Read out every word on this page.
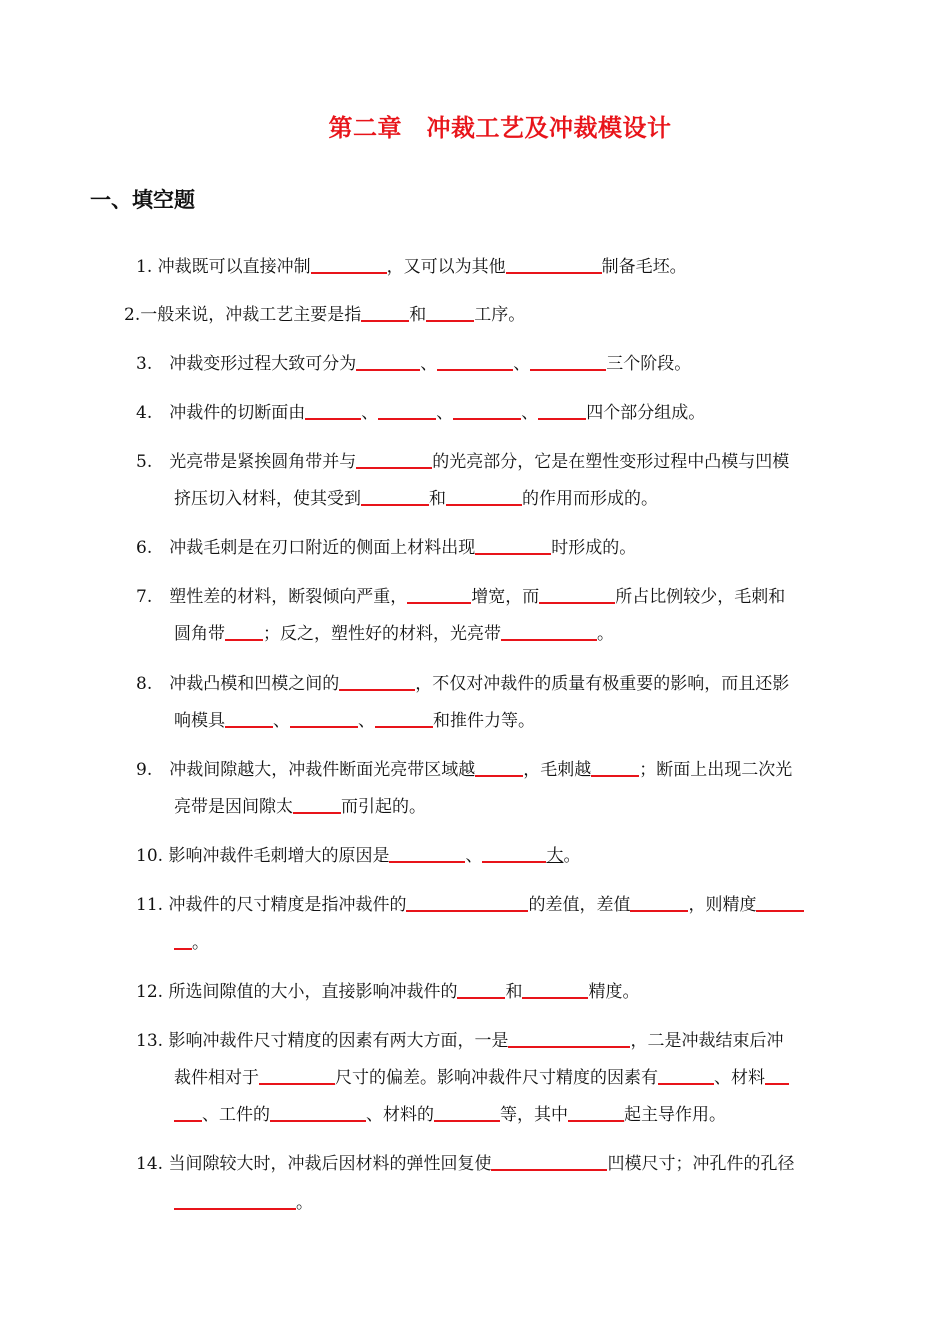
第二章　冲裁工艺及冲裁模设计
一、填空题
1. 冲裁既可以直接冲制	，又可以为其他	制备毛坯。
2.一般来说，冲裁工艺主要是指	和	工序。
3.　冲裁变形过程大致可分为	、	、	三个阶段。
4.　冲裁件的切断面由	、	、	、	四个部分组成。
5.　光亮带是紧挨圆角带并与	的光亮部分，它是在塑性变形过程中凸模与凹模
挤压切入材料，使其受到	和	的作用而形成的。
6.　冲裁毛刺是在刃口附近的侧面上材料出现	时形成的。
7.　塑性差的材料，断裂倾向严重，	增宽，而	所占比例较少，毛刺和
圆角带 ；反之，塑性好的材料，光亮带	。
8.　冲裁凸模和凹模之间的	，不仅对冲裁件的质量有极重要的影响，而且还影
响模具	、	、	和推件力等。
9.　冲裁间隙越大，冲裁件断面光亮带区域越	，毛刺越	；断面上出现二次光
亮带是因间隙太	而引起的。
10. 影响冲裁件毛刺增大的原因是	、	大。
11. 冲裁件的尺寸精度是指冲裁件的	的差值，差值	，则精度
。
12. 所选间隙值的大小，直接影响冲裁件的	和	精度。
13. 影响冲裁件尺寸精度的因素有两大方面，一是	，二是冲裁结束后冲
裁件相对于	尺寸的偏差。影响冲裁件尺寸精度的因素有	、材料
、工件的	、材料的	等，其中	起主导作用。
14. 当间隙较大时，冲裁后因材料的弹性回复使	凹模尺寸；冲孔件的孔径
。
